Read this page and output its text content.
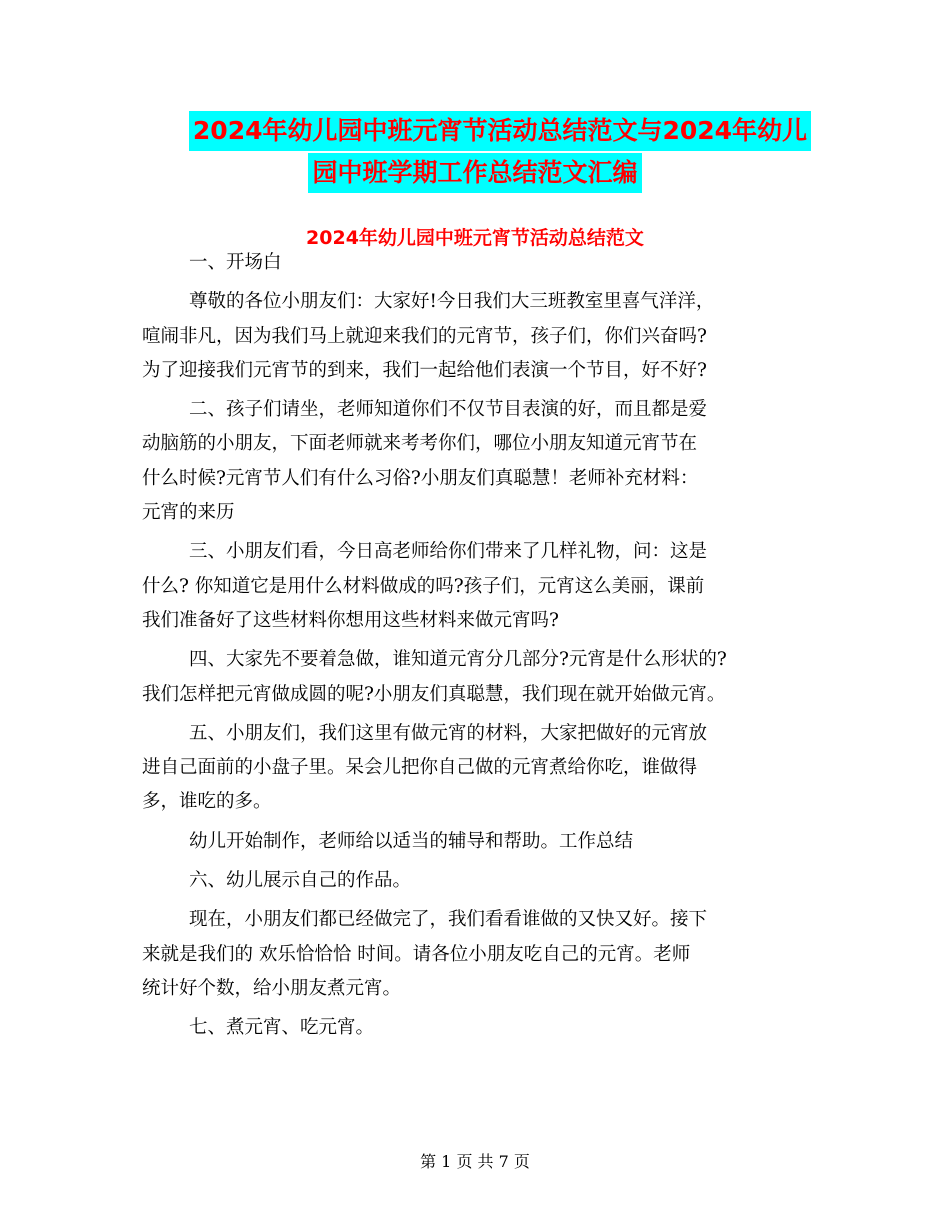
2024年幼儿园中班元宵节活动总结范文与2024年幼儿
园中班学期工作总结范文汇编
2024年幼儿园中班元宵节活动总结范文

一、开场白

尊敬的各位小朋友们：大家好!今日我们大三班教室里喜气洋洋，

喧闹非凡，因为我们马上就迎来我们的元宵节，孩子们，你们兴奋吗?

为了迎接我们元宵节的到来，我们一起给他们表演一个节目，好不好?

二、孩子们请坐，老师知道你们不仅节目表演的好，而且都是爱

动脑筋的小朋友，下面老师就来考考你们，哪位小朋友知道元宵节在

什么时候?元宵节人们有什么习俗?小朋友们真聪慧！老师补充材料：

元宵的来历

三、小朋友们看，今日高老师给你们带来了几样礼物，问：这是

什么? 你知道它是用什么材料做成的吗?孩子们，元宵这么美丽，课前

我们准备好了这些材料你想用这些材料来做元宵吗?

四、大家先不要着急做，谁知道元宵分几部分?元宵是什么形状的?

我们怎样把元宵做成圆的呢?小朋友们真聪慧，我们现在就开始做元宵。

五、小朋友们，我们这里有做元宵的材料，大家把做好的元宵放

进自己面前的小盘子里。呆会儿把你自己做的元宵煮给你吃，谁做得

多，谁吃的多。

幼儿开始制作，老师给以适当的辅导和帮助。工作总结

六、幼儿展示自己的作品。

现在，小朋友们都已经做完了，我们看看谁做的又快又好。接下

来就是我们的 欢乐恰恰恰 时间。请各位小朋友吃自己的元宵。老师

统计好个数，给小朋友煮元宵。

七、煮元宵、吃元宵。

第 1 页 共 7 页
